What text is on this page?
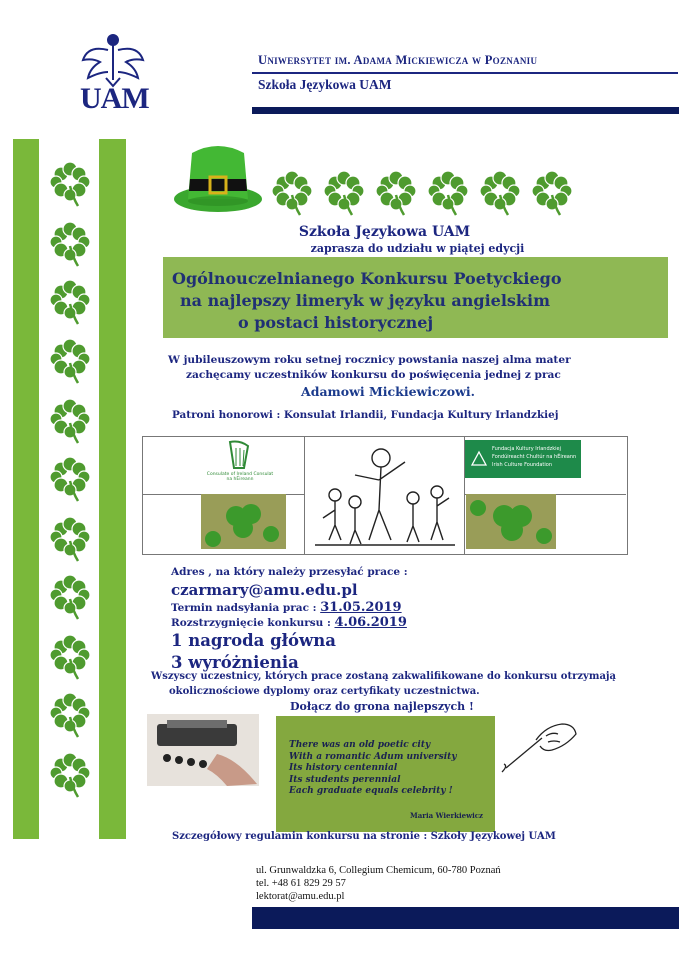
UAM
Uniwersytet im. Adama Mickiewicza w Poznaniu
Szkoła Językowa UAM
Szkoła Językowa UAM
zaprasza do udziału w piątej edycji
Ogólnouczelnianego Konkursu Poetyckiego
na najlepszy limeryk w języku angielskim
o postaci historycznej
W jubileuszowym roku setnej rocznicy powstania naszej alma mater
zachęcamy uczestników konkursu do poświęcenia jednej z prac
Adamowi Mickiewiczowi.
Patroni honorowi : Konsulat Irlandii, Fundacja Kultury Irlandzkiej
Consulate of Ireland Consulat na hÉireann
Fundacja Kultury Irlandzkiej
Fondúireacht Chultúr na hÉireann
Irish Culture Foundation
Adres , na który należy przesyłać prace :
czarmary@amu.edu.pl
Termin nadsyłania prac : 31.05.2019
Rozstrzygnięcie konkursu : 4.06.2019
1 nagroda główna
3 wyróżnienia
Wszyscy uczestnicy, których prace zostaną zakwalifikowane do konkursu otrzymają
okolicznościowe dyplomy oraz certyfikaty uczestnictwa.
Dołącz do grona najlepszych !
There was an old poetic city
With a romantic Adum university
Its history centennial
Its students perennial
Each graduate equals celebrity !
Maria Wierkiewicz
Szczegółowy regulamin konkursu na stronie : Szkoły Językowej UAM
ul. Grunwaldzka 6, Collegium Chemicum, 60-780 Poznań
tel. +48 61 829 29 57
lektorat@amu.edu.pl
